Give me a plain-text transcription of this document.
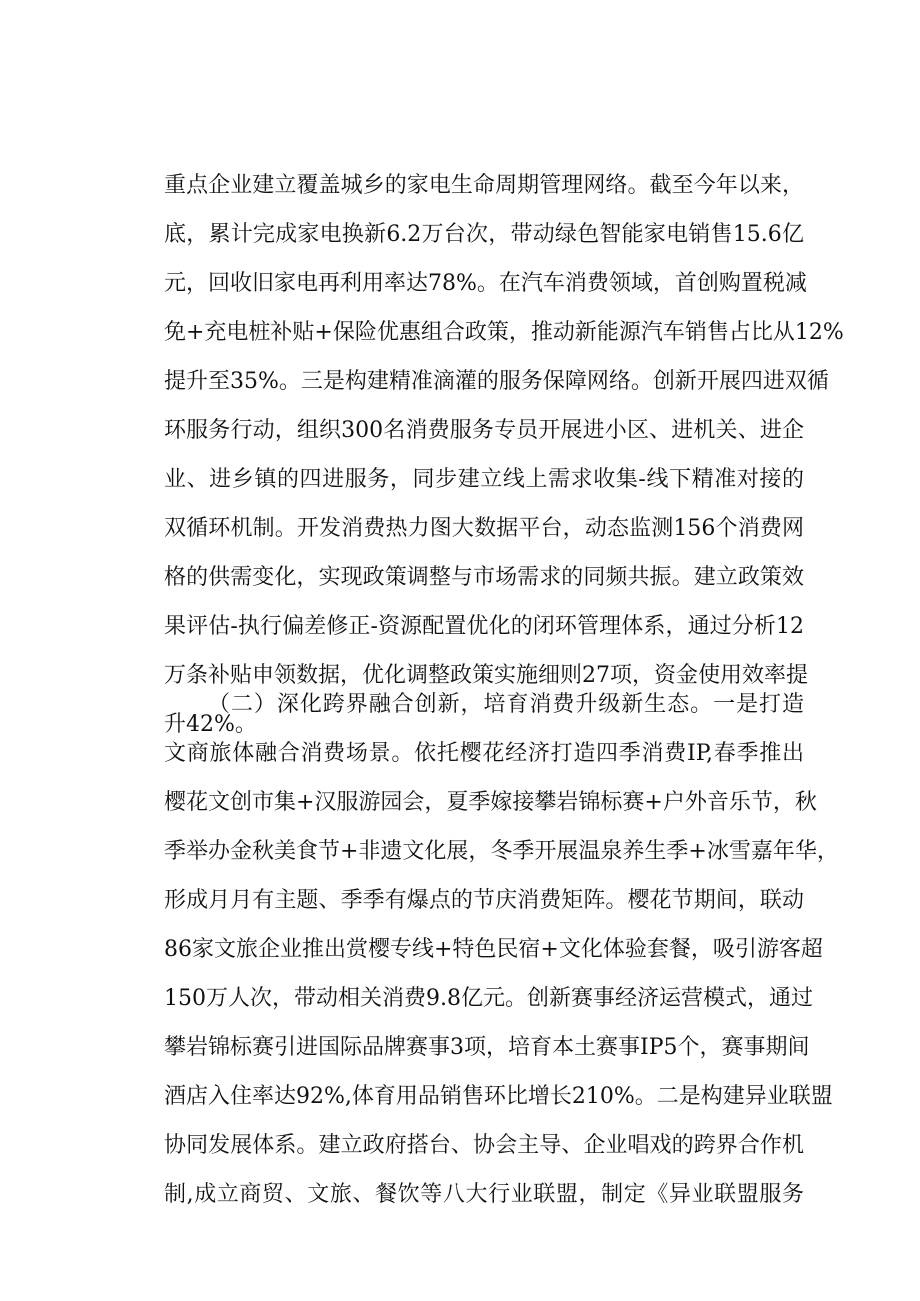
重点企业建立覆盖城乡的家电生命周期管理网络。截至今年以来，
底，累计完成家电换新6.2万台次，带动绿色智能家电销售15.6亿
元，回收旧家电再利用率达78%。在汽车消费领域，首创购置税减
免+充电桩补贴+保险优惠组合政策，推动新能源汽车销售占比从12%
提升至35%。三是构建精准滴灌的服务保障网络。创新开展四进双循
环服务行动，组织300名消费服务专员开展进小区、进机关、进企
业、进乡镇的四进服务，同步建立线上需求收集-线下精准对接的
双循环机制。开发消费热力图大数据平台，动态监测156个消费网
格的供需变化，实现政策调整与市场需求的同频共振。建立政策效
果评估-执行偏差修正-资源配置优化的闭环管理体系，通过分析12
万条补贴申领数据，优化调整政策实施细则27项，资金使用效率提
升42%。
（二）深化跨界融合创新，培育消费升级新生态。一是打造
文商旅体融合消费场景。依托樱花经济打造四季消费IP,春季推出
樱花文创市集+汉服游园会，夏季嫁接攀岩锦标赛+户外音乐节，秋
季举办金秋美食节+非遗文化展，冬季开展温泉养生季+冰雪嘉年华，
形成月月有主题、季季有爆点的节庆消费矩阵。樱花节期间，联动
86家文旅企业推出赏樱专线+特色民宿+文化体验套餐，吸引游客超
150万人次，带动相关消费9.8亿元。创新赛事经济运营模式，通过
攀岩锦标赛引进国际品牌赛事3项，培育本土赛事IP5个，赛事期间
酒店入住率达92%,体育用品销售环比增长210%。二是构建异业联盟
协同发展体系。建立政府搭台、协会主导、企业唱戏的跨界合作机
制,成立商贸、文旅、餐饮等八大行业联盟，制定《异业联盟服务
